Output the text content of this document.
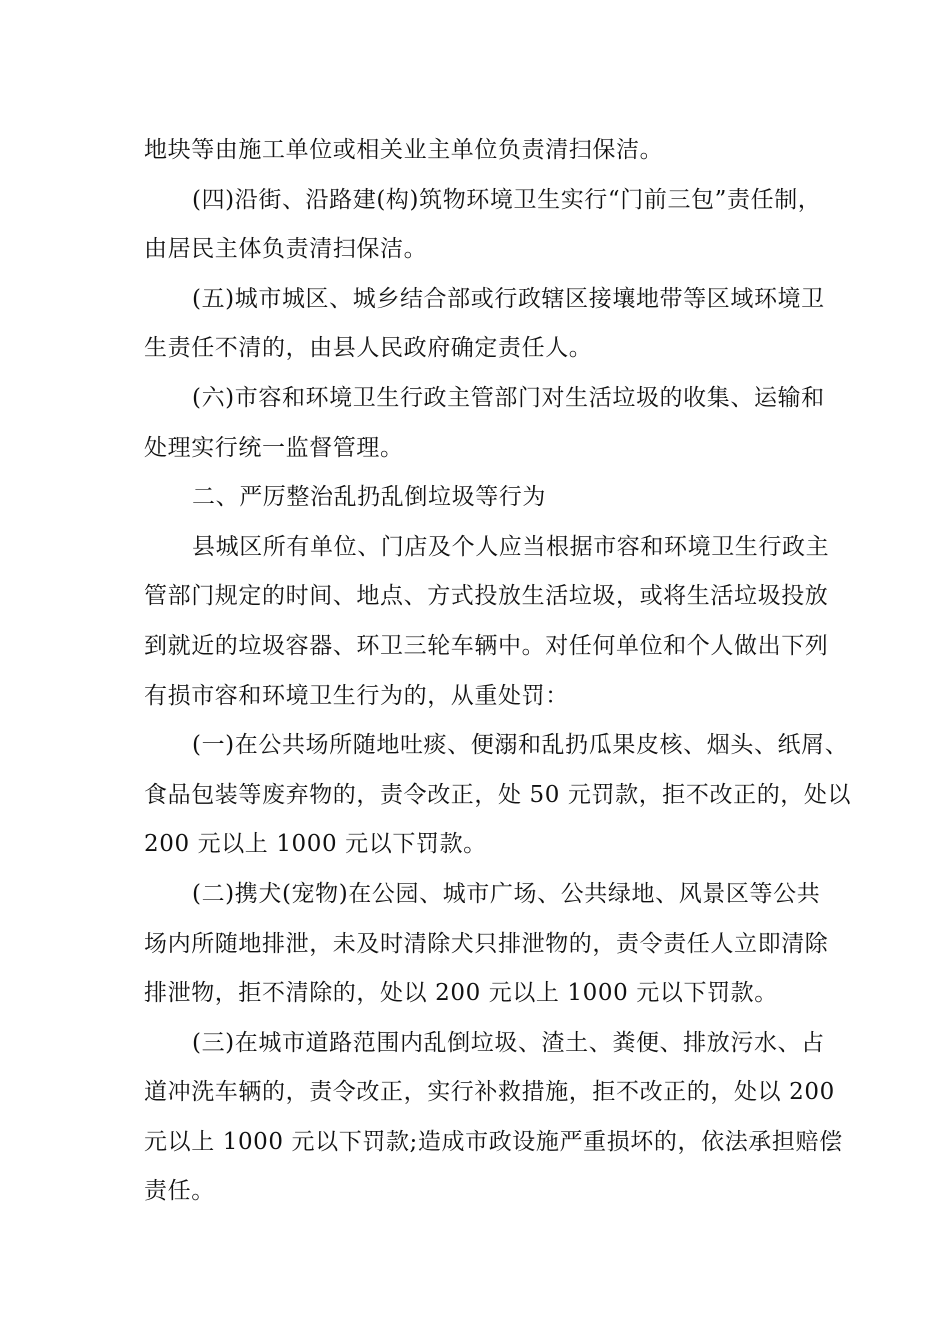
地块等由施工单位或相关业主单位负责清扫保洁。
(四)沿街、沿路建(构)筑物环境卫生实行“门前三包”责任制，
由居民主体负责清扫保洁。
(五)城市城区、城乡结合部或行政辖区接壤地带等区域环境卫
生责任不清的，由县人民政府确定责任人。
(六)市容和环境卫生行政主管部门对生活垃圾的收集、运输和
处理实行统一监督管理。
二、严厉整治乱扔乱倒垃圾等行为
县城区所有单位、门店及个人应当根据市容和环境卫生行政主
管部门规定的时间、地点、方式投放生活垃圾，或将生活垃圾投放
到就近的垃圾容器、环卫三轮车辆中。对任何单位和个人做出下列
有损市容和环境卫生行为的，从重处罚：
(一)在公共场所随地吐痰、便溺和乱扔瓜果皮核、烟头、纸屑、
食品包装等废弃物的，责令改正，处 50 元罚款，拒不改正的，处以
200 元以上 1000 元以下罚款。
(二)携犬(宠物)在公园、城市广场、公共绿地、风景区等公共
场内所随地排泄，未及时清除犬只排泄物的，责令责任人立即清除
排泄物，拒不清除的，处以 200 元以上 1000 元以下罚款。
(三)在城市道路范围内乱倒垃圾、渣土、粪便、排放污水、占
道冲洗车辆的，责令改正，实行补救措施，拒不改正的，处以 200
元以上 1000 元以下罚款;造成市政设施严重损坏的，依法承担赔偿
责任。
